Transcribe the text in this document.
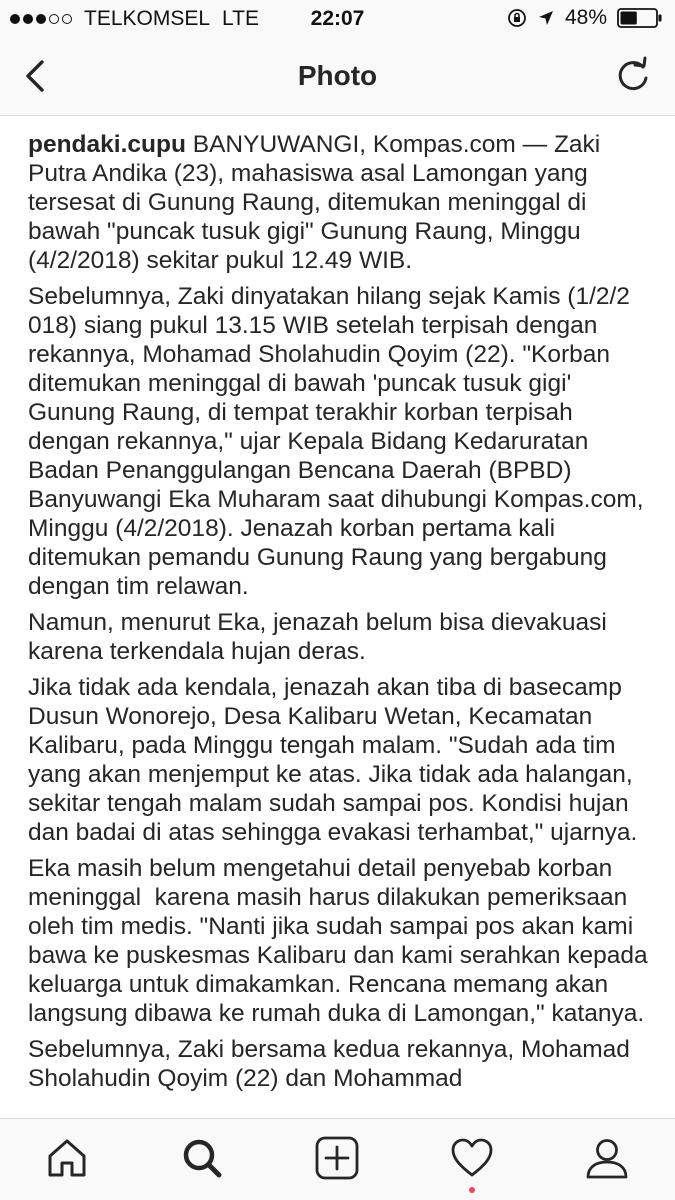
TELKOMSEL LTE	22:07	48%
Photo

pendaki.cupu BANYUWANGI, Kompas.com — Zaki Putra Andika (23), mahasiswa asal Lamongan yang tersesat di Gunung Raung, ditemukan meninggal di bawah "puncak tusuk gigi" Gunung Raung, Minggu (4/2/2018) sekitar pukul 12.49 WIB.

Sebelumnya, Zaki dinyatakan hilang sejak Kamis (1/2/2 018) siang pukul 13.15 WIB setelah terpisah dengan rekannya, Mohamad Sholahudin Qoyim (22). "Korban ditemukan meninggal di bawah 'puncak tusuk gigi' Gunung Raung, di tempat terakhir korban terpisah dengan rekannya," ujar Kepala Bidang Kedaruratan Badan Penanggulangan Bencana Daerah (BPBD) Banyuwangi Eka Muharam saat dihubungi Kompas.com, Minggu (4/2/2018). Jenazah korban pertama kali ditemukan pemandu Gunung Raung yang bergabung dengan tim relawan.

Namun, menurut Eka, jenazah belum bisa dievakuasi karena terkendala hujan deras.

Jika tidak ada kendala, jenazah akan tiba di basecamp Dusun Wonorejo, Desa Kalibaru Wetan, Kecamatan Kalibaru, pada Minggu tengah malam. "Sudah ada tim yang akan menjemput ke atas. Jika tidak ada halangan, sekitar tengah malam sudah sampai pos. Kondisi hujan dan badai di atas sehingga evakasi terhambat," ujarnya.

Eka masih belum mengetahui detail penyebab korban meninggal  karena masih harus dilakukan pemeriksaan oleh tim medis. "Nanti jika sudah sampai pos akan kami bawa ke puskesmas Kalibaru dan kami serahkan kepada keluarga untuk dimakamkan. Rencana memang akan langsung dibawa ke rumah duka di Lamongan," katanya.

Sebelumnya, Zaki bersama kedua rekannya, Mohamad Sholahudin Qoyim (22) dan Mohammad
